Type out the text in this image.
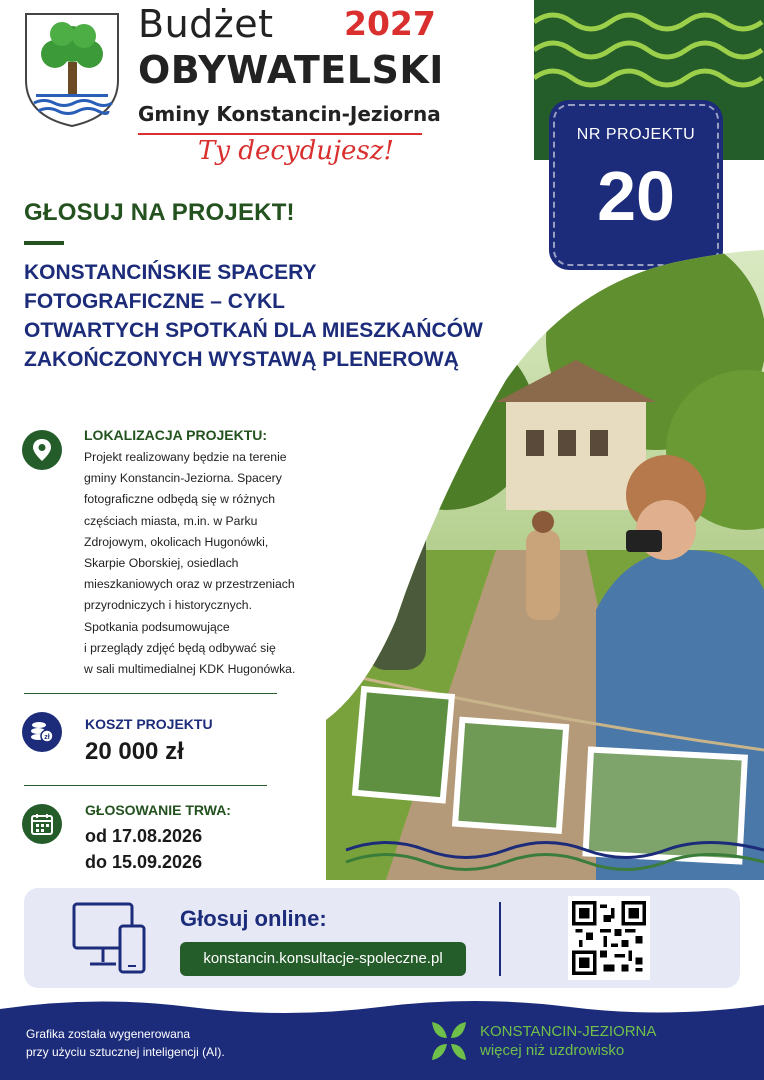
Budżet 2027
OBYWATELSKI
Gminy Konstancin-Jeziorna
Ty decydujesz!
NR PROJEKTU
20
GŁOSUJ NA PROJEKT!
KONSTANCIŃSKIE SPACERY
FOTOGRAFICZNE – CYKL
OTWARTYCH SPOTKAŃ DLA MIESZKAŃCÓW
ZAKOŃCZONYCH WYSTAWĄ PLENEROWĄ
LOKALIZACJA PROJEKTU:
Projekt realizowany będzie na terenie
gminy Konstancin-Jeziorna. Spacery
fotograficzne odbędą się w różnych
częściach miasta, m.in. w Parku
Zdrojowym, okolicach Hugonówki,
Skarpie Oborskiej, osiedlach
mieszkaniowych oraz w przestrzeniach
przyrodniczych i historycznych.
Spotkania podsumowujące
i przeglądy zdjęć będą odbywać się
w sali multimedialnej KDK Hugonówka.
zł
KOSZT PROJEKTU
20 000 zł
GŁOSOWANIE TRWA:
od 17.08.2026
do 15.09.2026
Głosuj online:
konstancin.konsultacje-spoleczne.pl
Grafika została wygenerowana
przy użyciu sztucznej inteligencji (AI).
KONSTANCIN-JEZIORNA
więcej niż uzdrowisko
